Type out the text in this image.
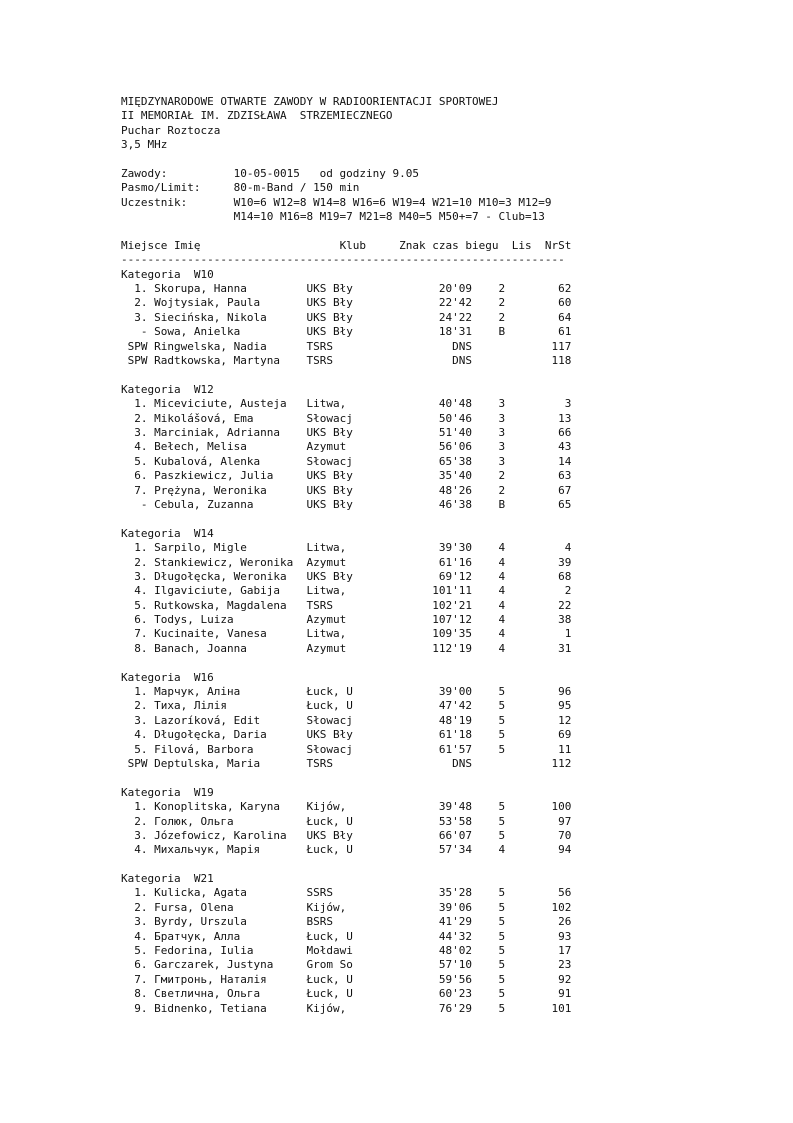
MIĘDZYNARODOWE OTWARTE ZAWODY W RADIOORIENTACJI SPORTOWEJ
II MEMORIAŁ IM. ZDZISŁAWA  STRZEMIECZNEGO
Puchar Roztocza
3,5 MHz
Zawody:          10-05-0015   od godziny 9.05
Pasmo/Limit:     80-m-Band / 150 min
Uczestnik:       W10=6 W12=8 W14=8 W16=6 W19=4 W21=10 M10=3 M12=9
M14=10 M16=8 M19=7 M21=8 M40=5 M50+=7 - Club=13
Miejsce Imię                     Klub     Znak czas biegu  Lis  NrSt
-------------------------------------------------------------------
Kategoria  W10
1. Skorupa, Hanna         UKS Bły             20'09    2        62
2. Wojtysiak, Paula       UKS Bły             22'42    2        60
3. Siecińska, Nikola      UKS Bły             24'22    2        64
- Sowa, Anielka          UKS Bły             18'31    B        61
SPW Ringwelska, Nadia      TSRS                  DNS	117
SPW Radtkowska, Martyna    TSRS                  DNS	118
Kategoria  W12
1. Miceviciute, Austeja   Litwa,              40'48    3         3
2. Mikolášová, Ema        Słowacj             50'46    3        13
3. Marciniak, Adrianna    UKS Bły             51'40    3        66
4. Bełech, Melisa         Azymut              56'06    3        43
5. Kubalová, Alenka       Słowacj             65'38    3        14
6. Paszkiewicz, Julia     UKS Bły             35'40    2        63
7. Prężyna, Weronika      UKS Bły             48'26    2        67
- Cebula, Zuzanna        UKS Bły             46'38    B        65
Kategoria  W14
1. Sarpilo, Migle         Litwa,              39'30    4         4
2. Stankiewicz, Weronika  Azymut              61'16    4        39
3. Długołęcka, Weronika   UKS Bły             69'12    4        68
4. Ilgaviciute, Gabija    Litwa,             101'11    4         2
5. Rutkowska, Magdalena   TSRS               102'21    4        22
6. Todys, Luiza           Azymut             107'12    4        38
7. Kucinaite, Vanesa      Litwa,             109'35    4         1
8. Banach, Joanna         Azymut             112'19    4        31
Kategoria  W16
1. Марчук, Аліна          Łuck, U             39'00    5        96
2. Тиха, Лілія            Łuck, U             47'42    5        95
3. Lazoríková, Edit       Słowacj             48'19    5        12
4. Długołęcka, Daria      UKS Bły             61'18    5        69
5. Filová, Barbora        Słowacj             61'57    5        11
SPW Deptulska, Maria       TSRS                  DNS	112
Kategoria  W19
1. Konoplitska, Karyna    Kijów,              39'48    5       100
2. Голюк, Ольга           Łuck, U             53'58    5        97
3. Józefowicz, Karolina   UKS Bły             66'07    5        70
4. Михальчук, Марія       Łuck, U             57'34    4        94
Kategoria  W21
1. Kulicka, Agata         SSRS                35'28    5        56
2. Fursa, Olena           Kijów,              39'06    5       102
3. Byrdy, Urszula         BSRS                41'29    5        26
4. Братчук, Алла          Łuck, U             44'32    5        93
5. Fedorina, Iulia        Mołdawi             48'02    5        17
6. Garczarek, Justyna     Grom So             57'10    5        23
7. Гмитронь, Наталія      Łuck, U             59'56    5        92
8. Светлична, Ольга       Łuck, U             60'23    5        91
9. Bidnenko, Tetiana      Kijów,              76'29    5       101
